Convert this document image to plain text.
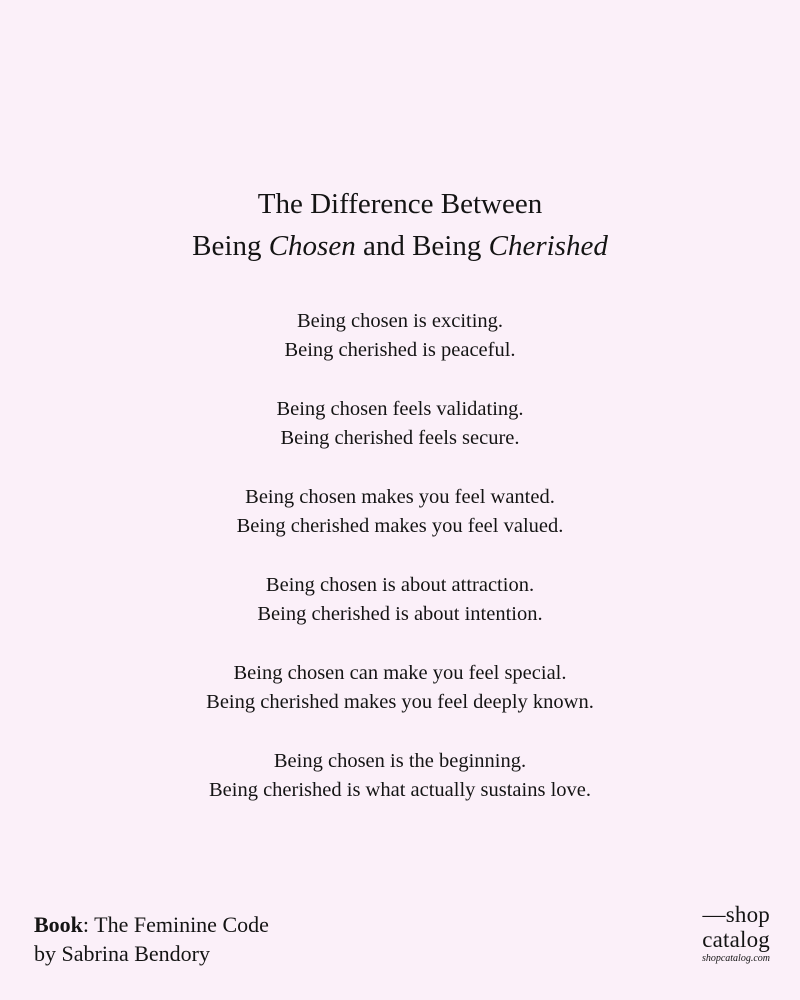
The Difference Between
Being Chosen and Being Cherished
Being chosen is exciting.
Being cherished is peaceful.
Being chosen feels validating.
Being cherished feels secure.
Being chosen makes you feel wanted.
Being cherished makes you feel valued.
Being chosen is about attraction.
Being cherished is about intention.
Being chosen can make you feel special.
Being cherished makes you feel deeply known.
Being chosen is the beginning.
Being cherished is what actually sustains love.
Book: The Feminine Code
by Sabrina Bendory
—shop
catalog
shopcatalog.com
